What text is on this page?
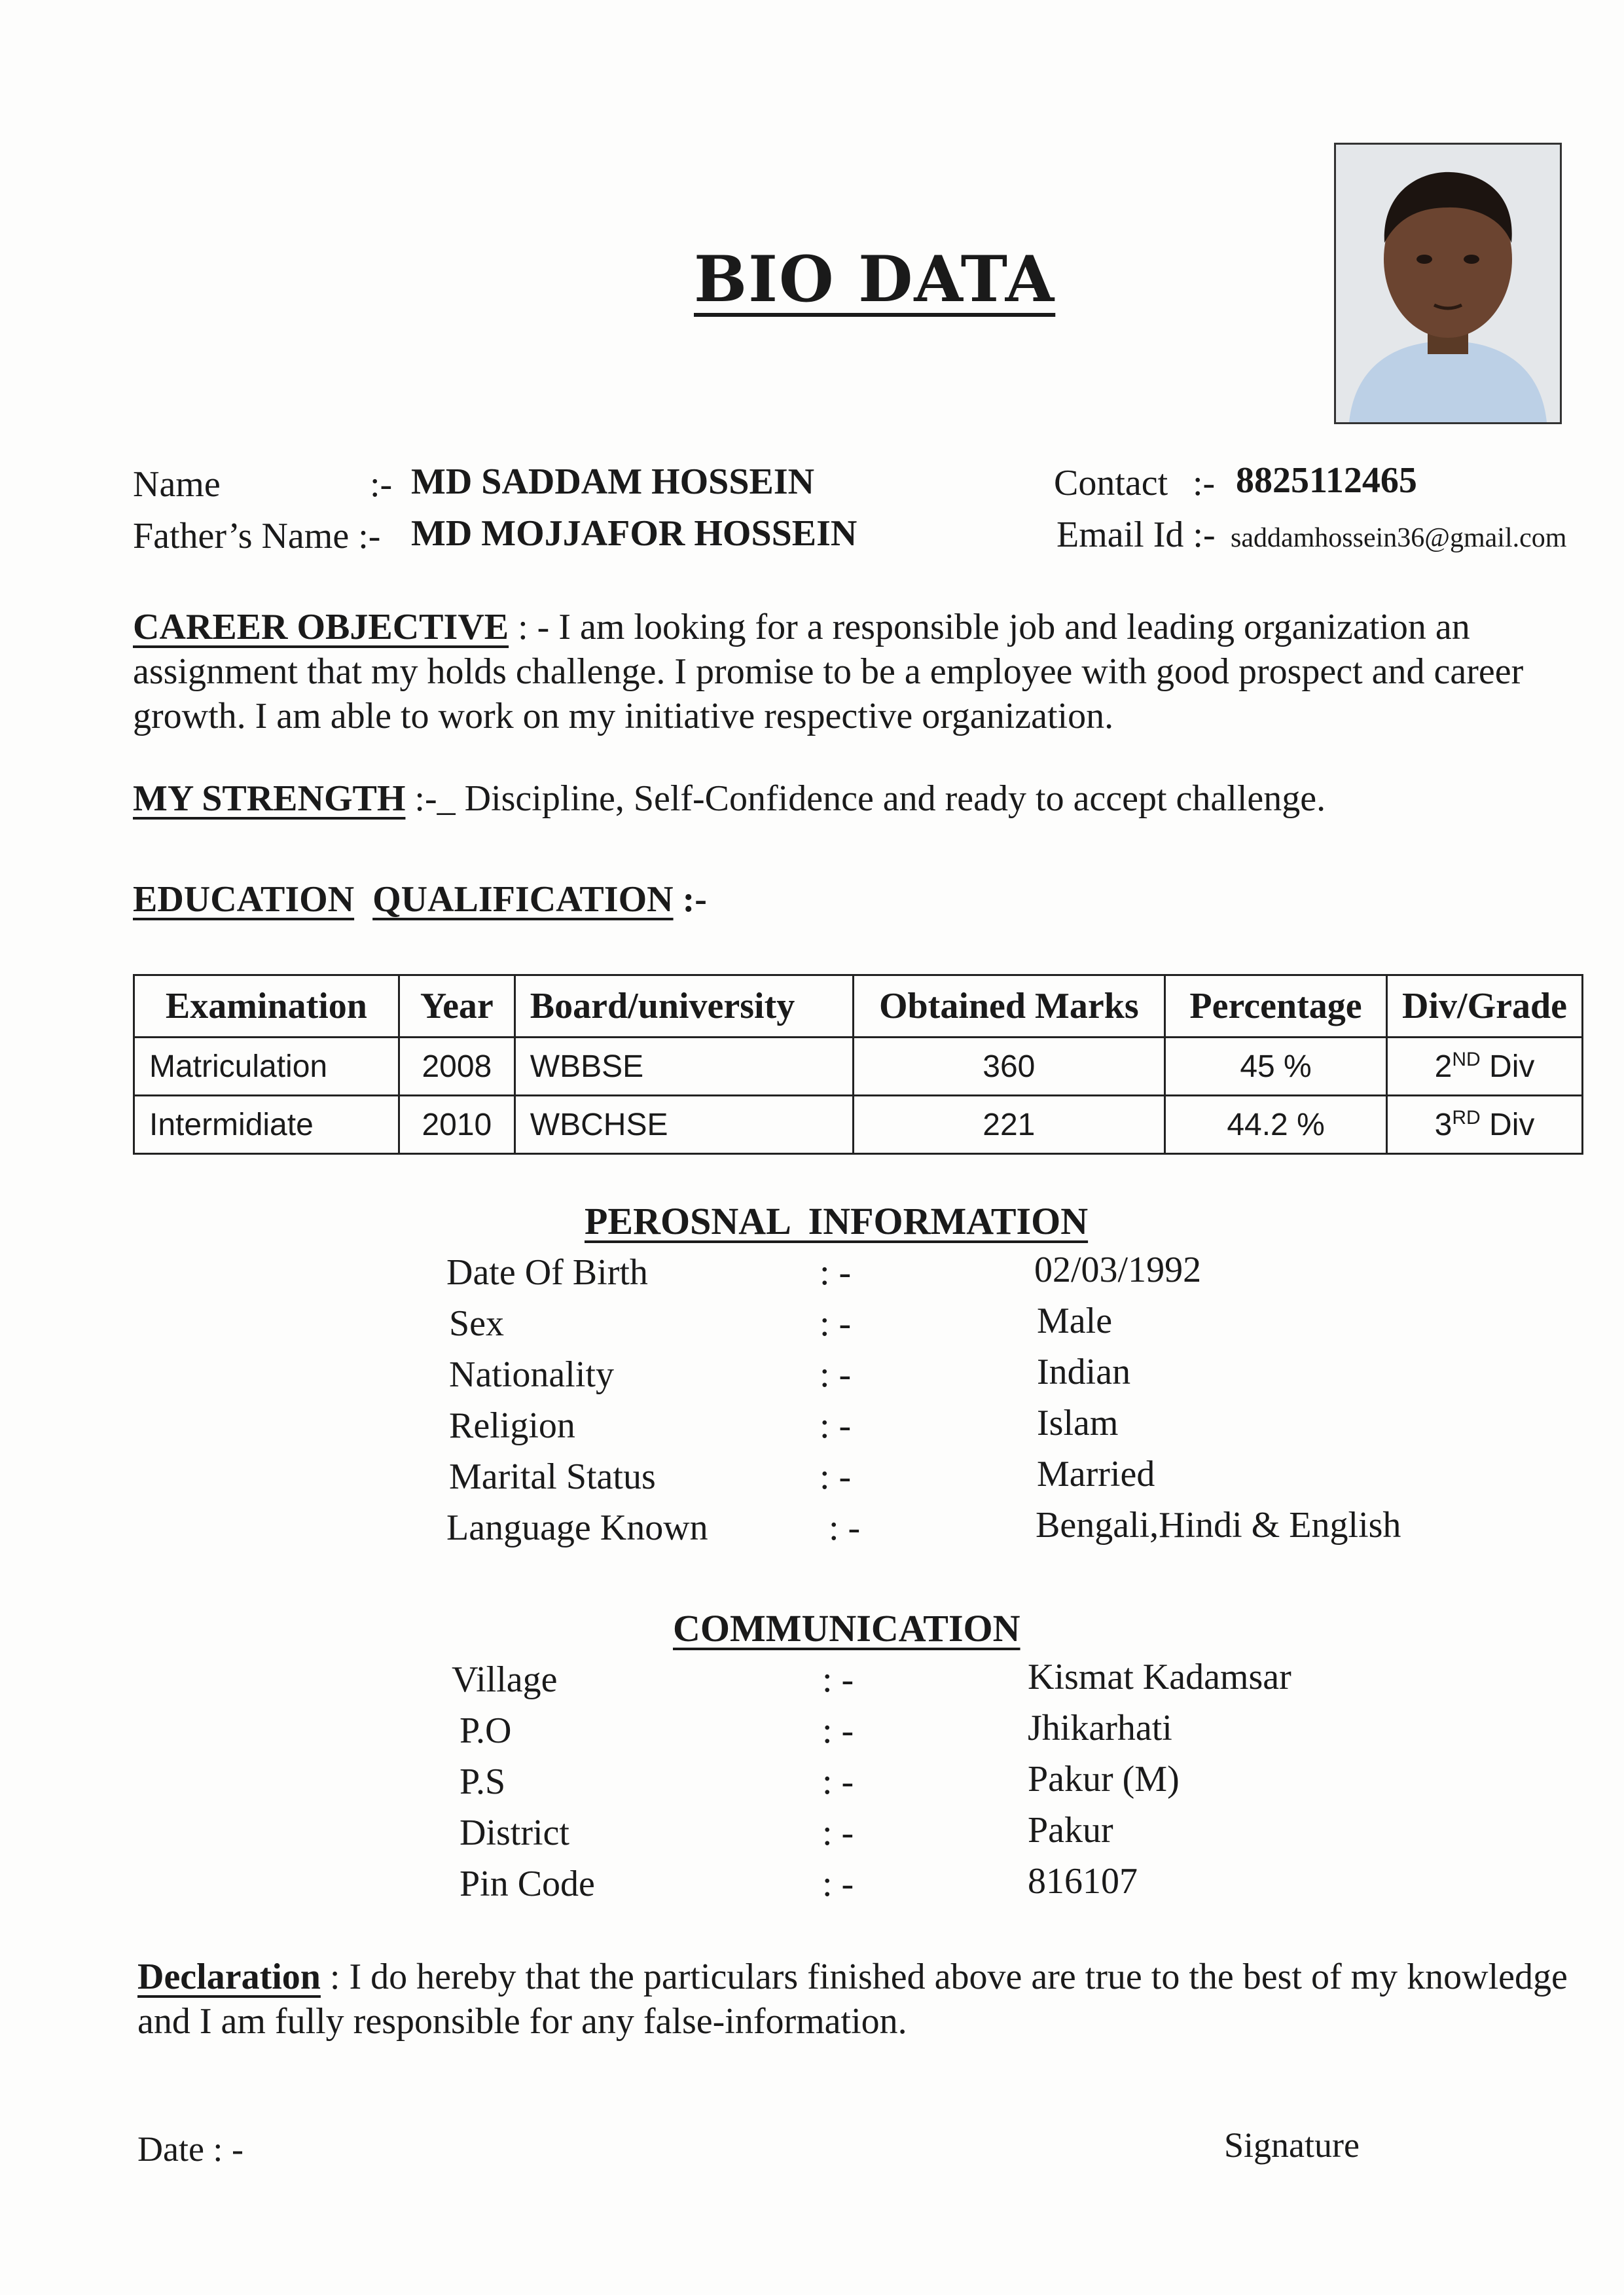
BIO DATA
Name	:- MD SADDAM HOSSEIN
Father’s Name :- MD MOJJAFOR HOSSEIN
Contact :- 8825112465
Email Id :- saddamhossein36@gmail.com
CAREER OBJECTIVE : - I am looking for a responsible job and leading organization an assignment that my holds challenge. I promise to be a employee with good prospect and career growth. I am able to work on my initiative respective organization.
MY STRENGTH :-_ Discipline, Self-Confidence and ready to accept challenge.
EDUCATION QUALIFICATION :-
Examination	Year	Board/university	Obtained Marks	Percentage	Div/Grade
Matriculation	2008	WBBSE	360	45 %	2ND Div
Intermidiate	2010	WBCHSE	221	44.2 %	3RD Div
PEROSNAL  INFORMATION
Date Of Birth	: -	02/03/1992
Sex	: -	Male
Nationality	: -	Indian
Religion	: -	Islam
Marital Status	: -	Married
Language Known	: -	Bengali,Hindi & English
COMMUNICATION
Village	: -	Kismat Kadamsar
P.O	: -	Jhikarhati
P.S	: -	Pakur (M)
District	: -	Pakur
Pin Code	: -	816107
Declaration : I do hereby that the particulars finished above are true to the best of my knowledge and I am fully responsible for any false-information.
Date : -	Signature
